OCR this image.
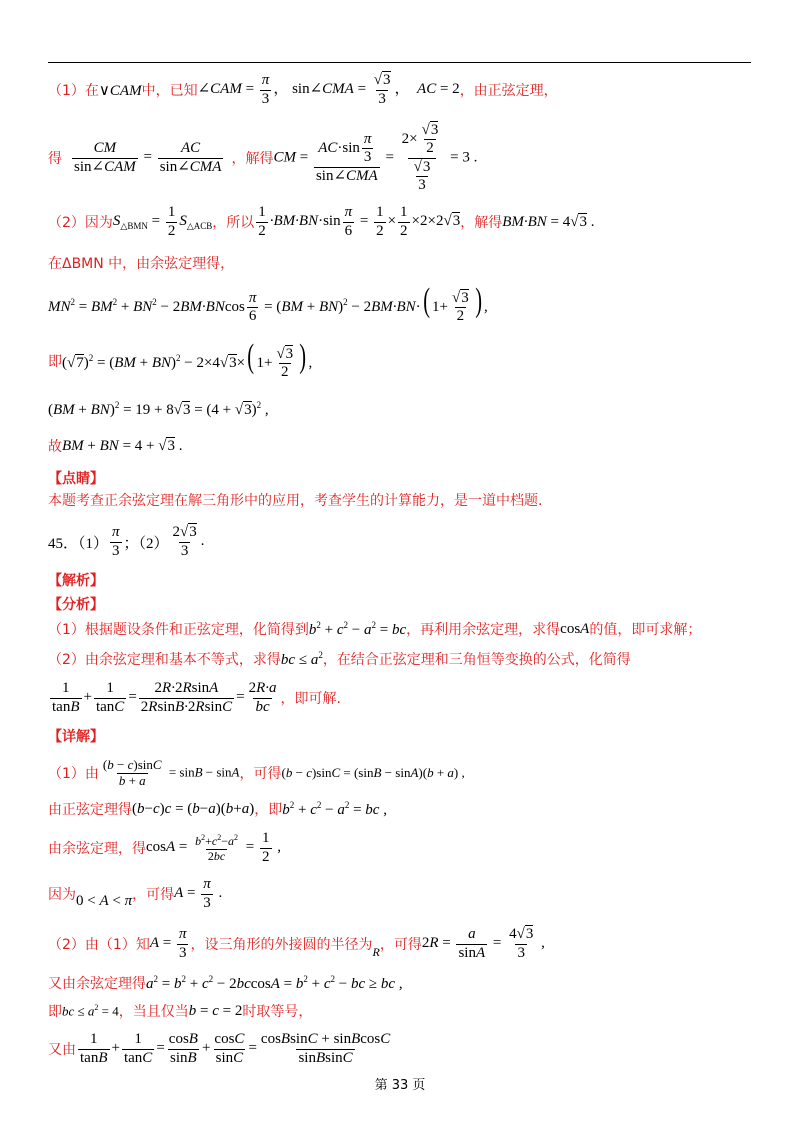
（1）在 ∨CAM 中，已知 ∠CAM = $\frac{\pi}{3}$ ， sin∠CMA = $\frac{√3}{3}$ ，  AC = 2 ，由正弦定理，
得
CM
sin∠CAM
=
AC
sin∠CMA ，解得 CM =
$AC\cdot\sin \frac{\pi}{3}$
sin∠CMA
= $\frac{2\times \frac{√3}{2}}{\frac{√3}{3}} = 3$ .
（2）因为 $S_{\triangle BMN} = \frac{1}{2} S_{\triangle ACB}$ ，所以 $\frac{1}{2} \cdot BM\cdot BN\cdot\sin \frac{\pi}{6} = \frac{1}{2} \times \frac{1}{2} \times 2\times 2√3$ ，解得 BM·BN = 4√3 .
在ΔBMN 中，由余弦定理得，
$MN^2 = BM^2 + BN^2 - 2BM\cdot BNcos \frac{\pi}{6} = (BM + BN)^2 - 2BM\cdot BN\cdot$( $1+ \frac{√3}{2}$ ) ,
即 $(√7)^2 = (BM + BN)^2 - 2\times 4√3\times$( $1+ \frac{√3}{2}$ ) ,
$(BM + BN)^2 = 19 + 8√3 = (4 + √3)^2$ ,
故 BM + BN = 4 + √3 .
【点睛】
本题考查正余弦定理在解三角形中的应用，考查学生的计算能力，是一道中档题.
45．$(1) \frac{\pi}{3}$ ；$(2) \frac{2√3}{3}$ .
【解析】
【分析】
（1）根据题设条件和正弦定理，化简得到 $b^2 + c^2 - a^2$ = bc ，再利用余弦定理，求得 cosA 的值，即可求解；
（2）由余弦定理和基本不等式，求得 bc ≤ $a^2$ ，在结合正弦定理和三角恒等变换的公式，化简得
$\frac{1}{\tan B} + \frac{1}{\tan C} = \frac{2R\cdot 2RsinA}{2RsinB\cdot 2RsinC} = \frac{2R\cdot a}{bc}$ ，即可解.
【详解】
（1）由 $\frac{(b - c)\sin C}{b + a} = \sin B - \sin A$ ，可得 (b − c)sinC = (sinB − sinA)(b + a) ,
由正弦定理得 (b−c)c = (b−a)(b+a) ，即 $b^2 + c^2 - a^2$ = bc ,
由余弦定理，得 $\cos A = \frac{b^2+c^2-a^2}{2bc} = \frac{1}{2}$ ,
因为 0 < A < π ，可得 $A = \frac{\pi}{3}$ .
（2）由（1）知 $A = \frac{\pi}{3}$ ，设三角形的外接圆的半径为 R ，可得 $2R = \frac{a}{\sin A} = \frac{4√3}{3}$ ,
又由余弦定理得 $a^2 = b^2 + c^2 - 2bccosA = b^2 + c^2$ − bc ≥ bc ,
即 bc ≤ $a^2 = 4$ ，当且仅当 b = c = 2 时取等号，
又由 $\frac{1}{\tan B} + \frac{1}{\tan C} = \frac{\cos B}{\sin B} + \frac{\cos C}{\sin C} = \frac{\text{cosBsinC + sinBcosC}}{\text{sinBsinC}}$
第 33 页
